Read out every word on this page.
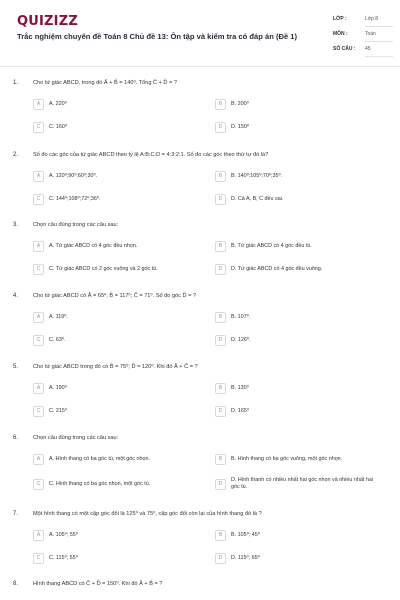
QUIZIZZ
Trắc nghiệm chuyên đề Toán 8 Chủ đề 13: Ôn tập và kiểm tra có đáp án (Đề 1)
LỚP :	Lớp 8
MÔN :	Toán
SỐ CÂU : 45
1.	Cho tứ giác ABCD, trong đó Â + B̂ = 140⁰. Tổng Ĉ + D̂ = ?
A	A. 220⁰	B	B. 200⁰
C	C. 160⁰	D	D. 150⁰
2.	Số đo các góc của tứ giác ABCD theo tỷ lệ A:B:C:D = 4:3:2:1. Số đo các góc theo thứ tự đó là?
A	A. 120⁰;90⁰;60⁰;30⁰.	B	B. 140⁰;105⁰;70⁰;35⁰.
C	C. 144⁰;108⁰;72⁰;36⁰.	D	D. Cả A, B, C đều sai.
3.	Chọn câu đúng trong các câu sau:
A	A. Tứ giác ABCD có 4 góc đều nhọn.	B	B. Tứ giác ABCD có 4 góc đều tù.
C	C. Tứ giác ABCD có 2 góc vuông và 2 góc tù.	D	D. Tứ giác ABCD có 4 góc đều vuông.
4.	Cho tứ giác ABCD có Â = 65⁰; B̂ = 117⁰; Ĉ = 71⁰. Số đo góc D̂ = ?
A	A. 119⁰.	B	B. 107⁰.
C	C. 63⁰.	D	D. 126⁰.
5.	Cho tứ giác ABCD trong đó có B̂ = 75⁰; D̂ = 120⁰. Khi đó Â + Ĉ = ?
A	A. 190⁰	B	B. 130⁰
C	C. 215⁰	D	D. 165⁰
6.	Chọn câu đúng trong các câu sau:
A	A. Hình thang có ba góc tù, một góc nhọn.	B	B. Hình thang có ba góc vuông, một góc nhọn.
C	C. Hình thang có ba góc nhọn, một góc tù.	D
D. Hình thanh có nhiều nhất hai góc nhọn và nhiều nhất hai góc tù.
7.	Một hình thang có một cặp góc đối là 125⁰ và 75⁰, cặp góc đối còn lại của hình thang đó là ?
A	A. 105⁰; 55⁰	B	B. 105⁰; 45⁰
C	C. 115⁰; 55⁰	D	D. 115⁰; 65⁰
8.	Hình thang ABCD có Ĉ + D̂ = 150⁰. Khi đó Â + B̂ = ?
